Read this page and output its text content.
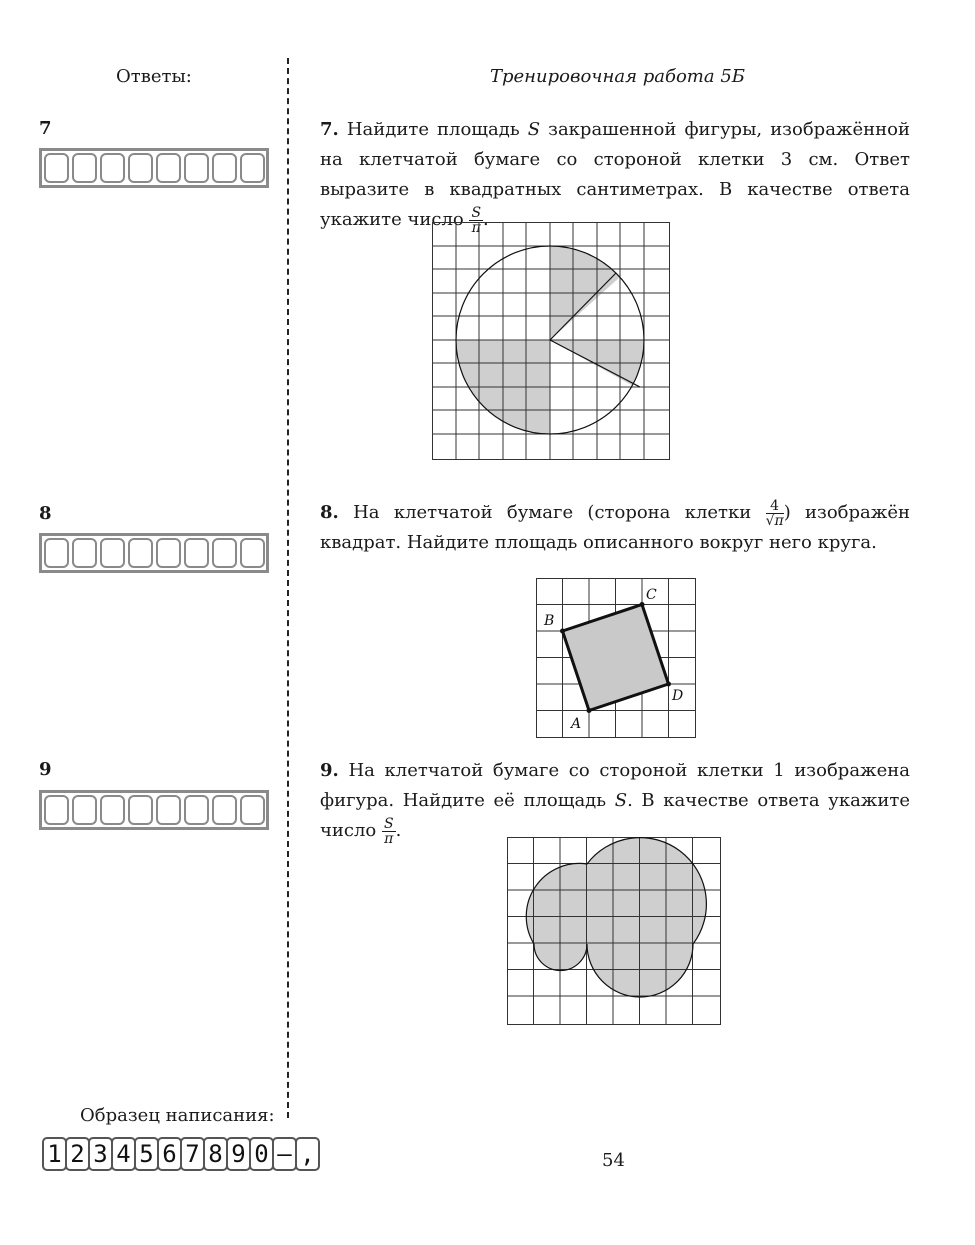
Ответы:	Тренировочная работа 5Б
7
8
9
7. Найдите площадь S закрашенной фигуры, изображённой на клетчатой бумаге со стороной клетки 3 см. Ответ выразите в квадратных сантиметрах. В качестве ответа укажите число $\frac{S}{\pi}$ .
8. На клетчатой бумаге (сторона клетки $\frac{4}{√\pi}$ ) изображён квадрат. Найдите площадь описанного вокруг него круга.
A
B
C
D
9. На клетчатой бумаге со стороной клетки 1 изображена фигура. Найдите её площадь S. В качестве ответа укажите число $\frac{S}{\pi}$ .
Образец написания:
1 2 3 4 5 6 7 8 9 0 – ,	54
